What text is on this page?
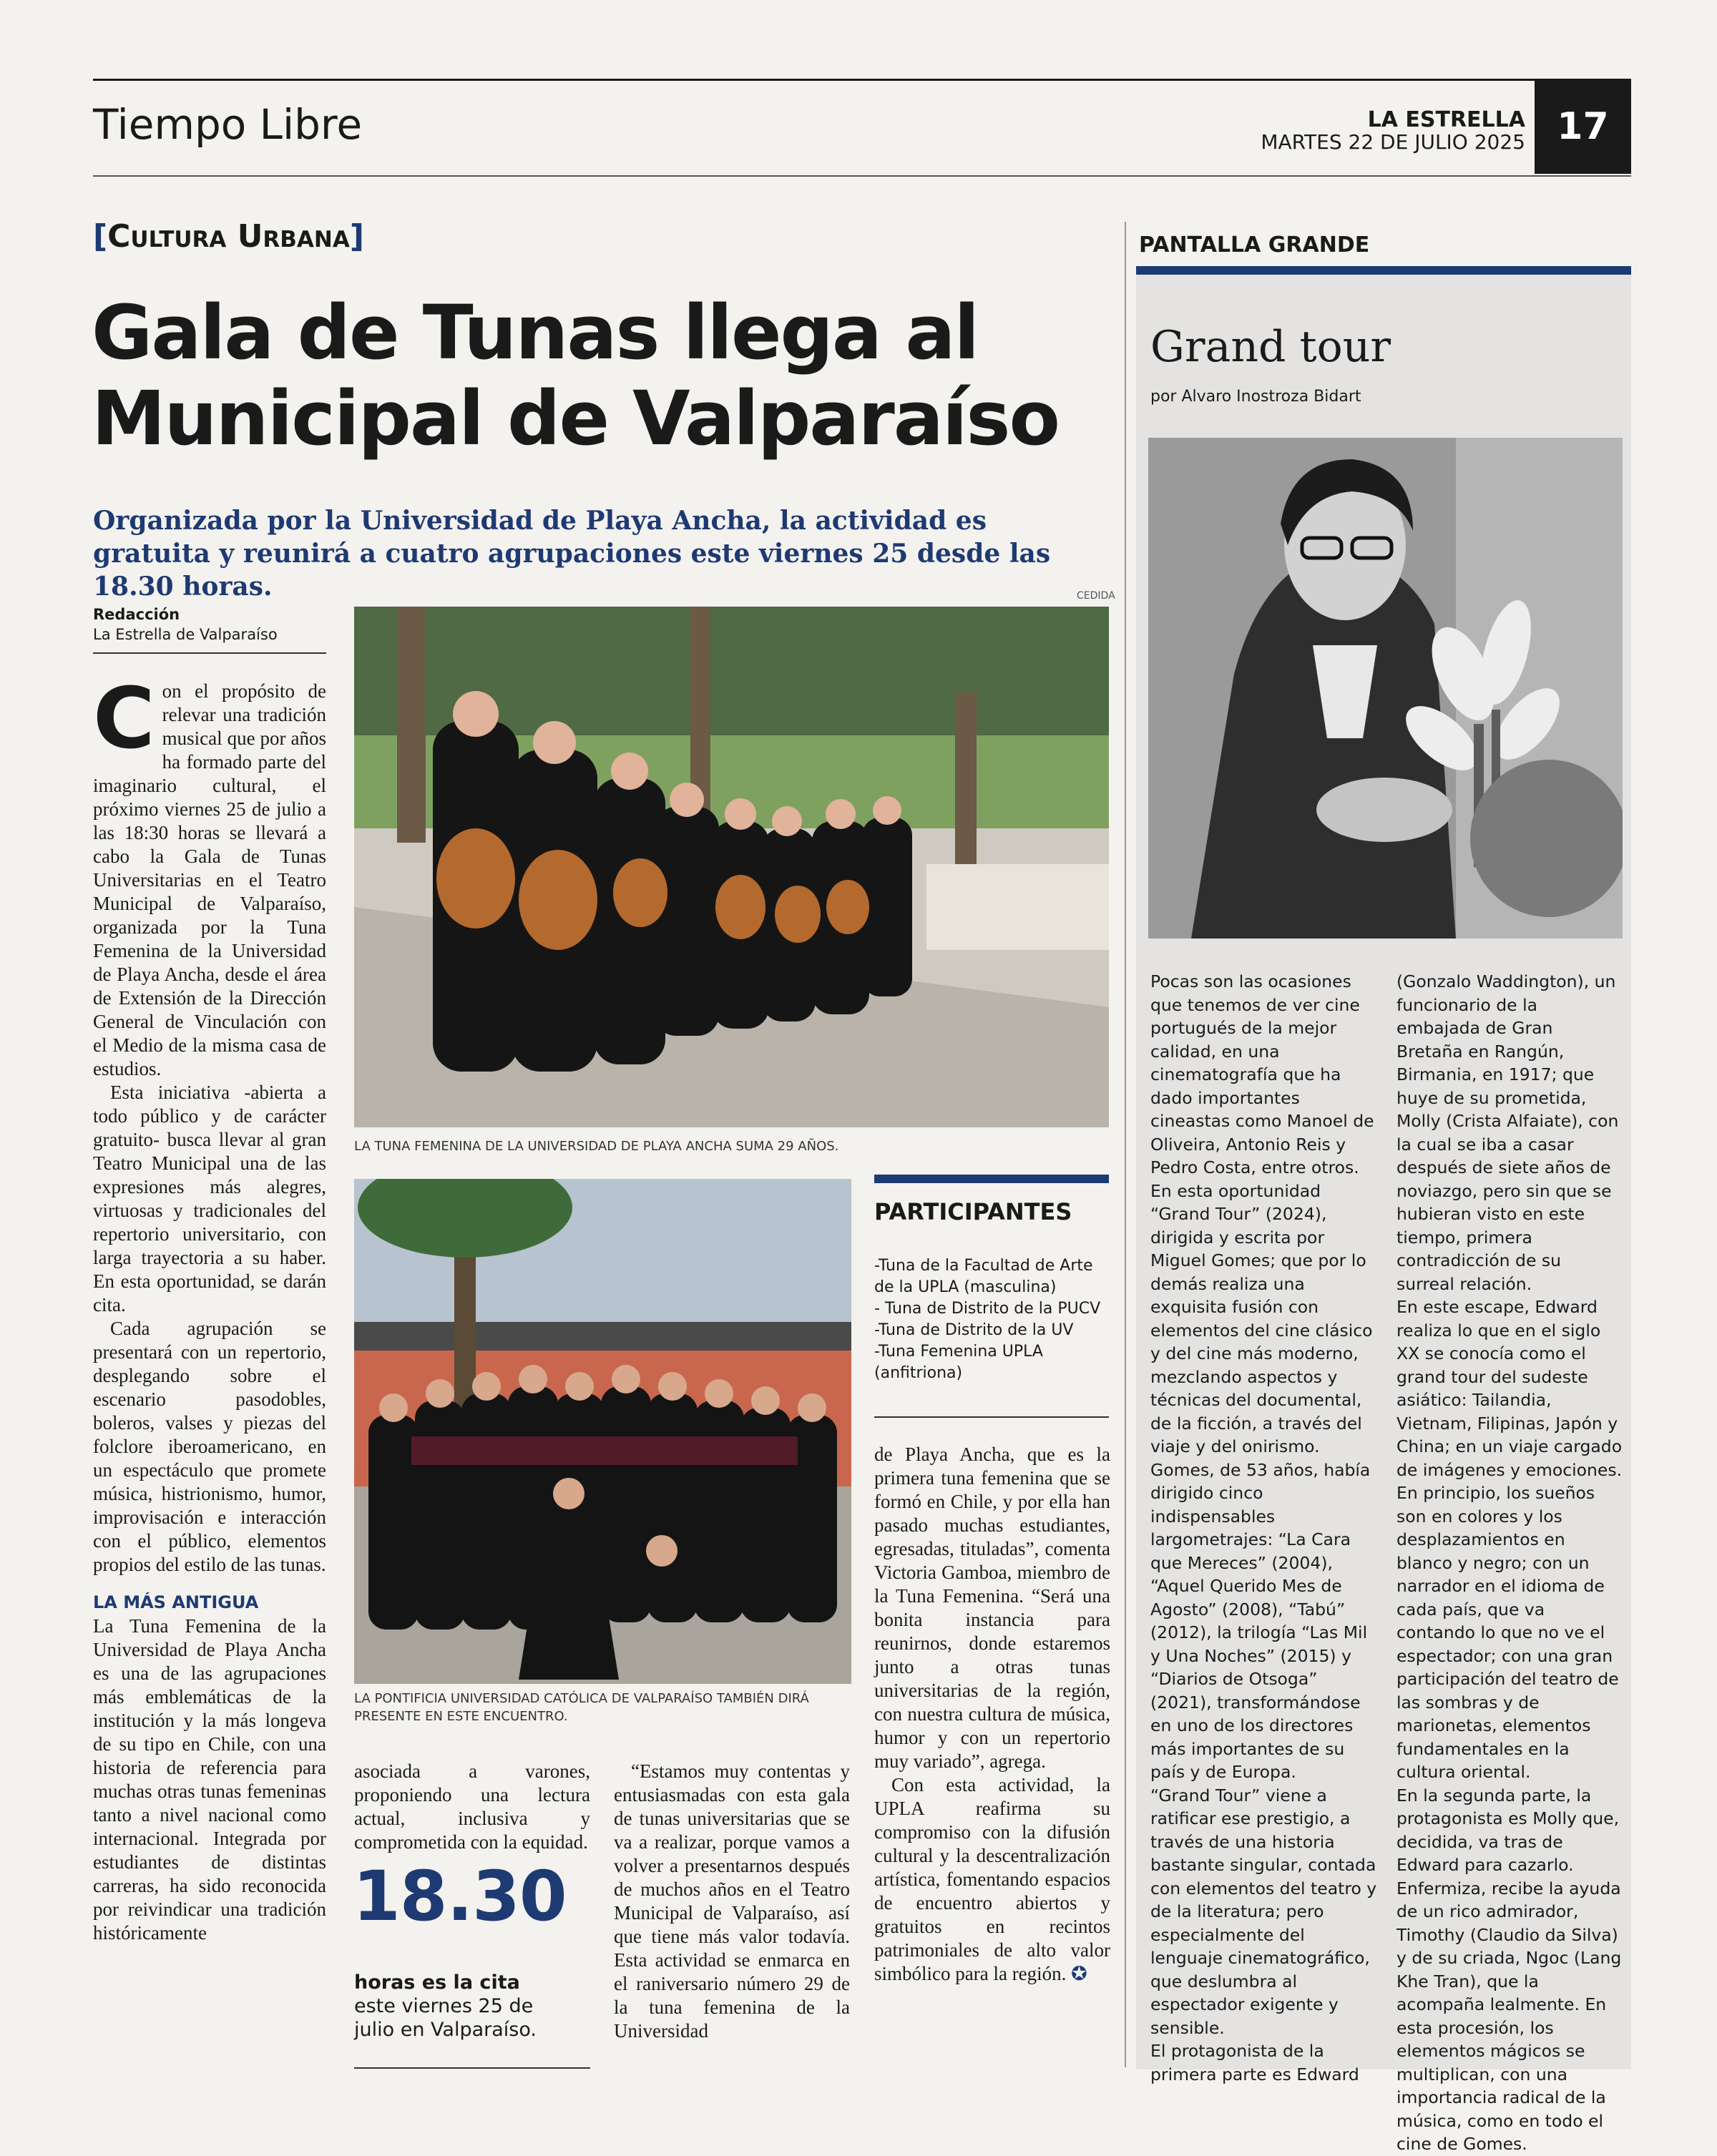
Tiempo Libre	LA ESTRELLA
MARTES 22 DE JULIO 2025 17
[Cultura Urbana]
Gala de Tunas llega al Municipal de Valparaíso
Organizada por la Universidad de Playa Ancha, la actividad es gratuita y reunirá a cuatro agrupaciones este viernes 25 desde las 18.30 horas.
Redacción
La Estrella de Valparaíso
CEDIDA

Con el propósito de relevar una tradición musical que por años ha formado parte del imaginario cultural, el próximo viernes 25 de julio a las 18:30 horas se llevará a cabo la Gala de Tunas Universitarias en el Teatro Municipal de Valparaíso, organizada por la Tuna Femenina de la Universidad de Playa Ancha, desde el área de Extensión de la Dirección General de Vinculación con el Medio de la misma casa de estudios.

Esta iniciativa -abierta a todo público y de carácter gratuito- busca llevar al gran Teatro Municipal una de las expresiones más alegres, virtuosas y tradicionales del repertorio universitario, con larga trayectoria a su haber. En esta oportunidad, se darán cita.

Cada agrupación se presentará con un repertorio, desplegando sobre el escenario pasodobles, boleros, valses y piezas del folclore iberoamericano, en un espectáculo que promete música, histrionismo, humor, improvisación e interacción con el público, elementos propios del estilo de las tunas.

LA MÁS ANTIGUA

La Tuna Femenina de la Universidad de Playa Ancha es una de las agrupaciones más emblemáticas de la institución y la más longeva de su tipo en Chile, con una historia de referencia para muchas otras tunas femeninas tanto a nivel nacional como internacional. Integrada por estudiantes de distintas carreras, ha sido reconocida por reivindicar una tradición históricamente

LA TUNA FEMENINA DE LA UNIVERSIDAD DE PLAYA ANCHA SUMA 29 AÑOS.
LA PONTIFICIA UNIVERSIDAD CATÓLICA DE VALPARAÍSO TAMBIÉN DIRÁ PRESENTE EN ESTE ENCUENTRO.
PARTICIPANTES
-Tuna de la Facultad de Arte de la UPLA (masculina)
- Tuna de Distrito de la PUCV
-Tuna de Distrito de la UV
-Tuna Femenina UPLA (anfitriona)

asociada a varones, proponiendo una lectura actual, inclusiva y comprometida con la equidad.

18.30
horas es la cita este viernes 25 de julio en Valparaíso.

“Estamos muy contentas y entusiasmadas con esta gala de tunas universitarias que se va a realizar, porque vamos a volver a presentarnos después de muchos años en el Teatro Municipal de Valparaíso, así que tiene más valor todavía. Esta actividad se enmarca en el raniversario número 29 de la tuna femenina de la Universidad

de Playa Ancha, que es la primera tuna femenina que se formó en Chile, y por ella han pasado muchas estudiantes, egresadas, tituladas”, comenta Victoria Gamboa, miembro de la Tuna Femenina. “Será una bonita instancia para reunirnos, donde estaremos junto a otras tunas universitarias de la región, con nuestra cultura de música, humor y con un repertorio muy variado”, agrega.

Con esta actividad, la UPLA reafirma su compromiso con la difusión cultural y la descentralización artística, fomentando espacios de encuentro abiertos y gratuitos en recintos patrimoniales de alto valor simbólico para la región. ✪

PANTALLA GRANDE
Grand tour
por Alvaro Inostroza Bidart

Pocas son las ocasiones que tenemos de ver cine portugués de la mejor calidad, en una cinematografía que ha dado importantes cineastas como Manoel de Oliveira, Antonio Reis y Pedro Costa, entre otros.

En esta oportunidad “Grand Tour” (2024), dirigida y escrita por Miguel Gomes; que por lo demás realiza una exquisita fusión con elementos del cine clásico y del cine más moderno, mezclando aspectos y técnicas del documental, de la ficción, a través del viaje y del onirismo.

Gomes, de 53 años, había dirigido cinco indispensables largometrajes: “La Cara que Mereces” (2004), “Aquel Querido Mes de Agosto” (2008), “Tabú” (2012), la trilogía “Las Mil y Una Noches” (2015) y “Diarios de Otsoga” (2021), transformándose en uno de los directores más importantes de su país y de Europa.

“Grand Tour” viene a ratificar ese prestigio, a través de una historia bastante singular, contada con elementos del teatro y de la literatura; pero especialmente del lenguaje cinematográfico, que deslumbra al espectador exigente y sensible.

El protagonista de la primera parte es Edward

(Gonzalo Waddington), un funcionario de la embajada de Gran Bretaña en Rangún, Birmania, en 1917; que huye de su prometida, Molly (Crista Alfaiate), con la cual se iba a casar después de siete años de noviazgo, pero sin que se hubieran visto en este tiempo, primera contradicción de su surreal relación.

En este escape, Edward realiza lo que en el siglo XX se conocía como el grand tour del sudeste asiático: Tailandia, Vietnam, Filipinas, Japón y China; en un viaje cargado de imágenes y emociones. En principio, los sueños son en colores y los desplazamientos en blanco y negro; con un narrador en el idioma de cada país, que va contando lo que no ve el espectador; con una gran participación del teatro de las sombras y de marionetas, elementos fundamentales en la cultura oriental.

En la segunda parte, la protagonista es Molly que, decidida, va tras de Edward para cazarlo. Enfermiza, recibe la ayuda de un rico admirador, Timothy (Claudio da Silva) y de su criada, Ngoc (Lang Khe Tran), que la acompaña lealmente. En esta procesión, los elementos mágicos se multiplican, con una importancia radical de la música, como en todo el cine de Gomes.
